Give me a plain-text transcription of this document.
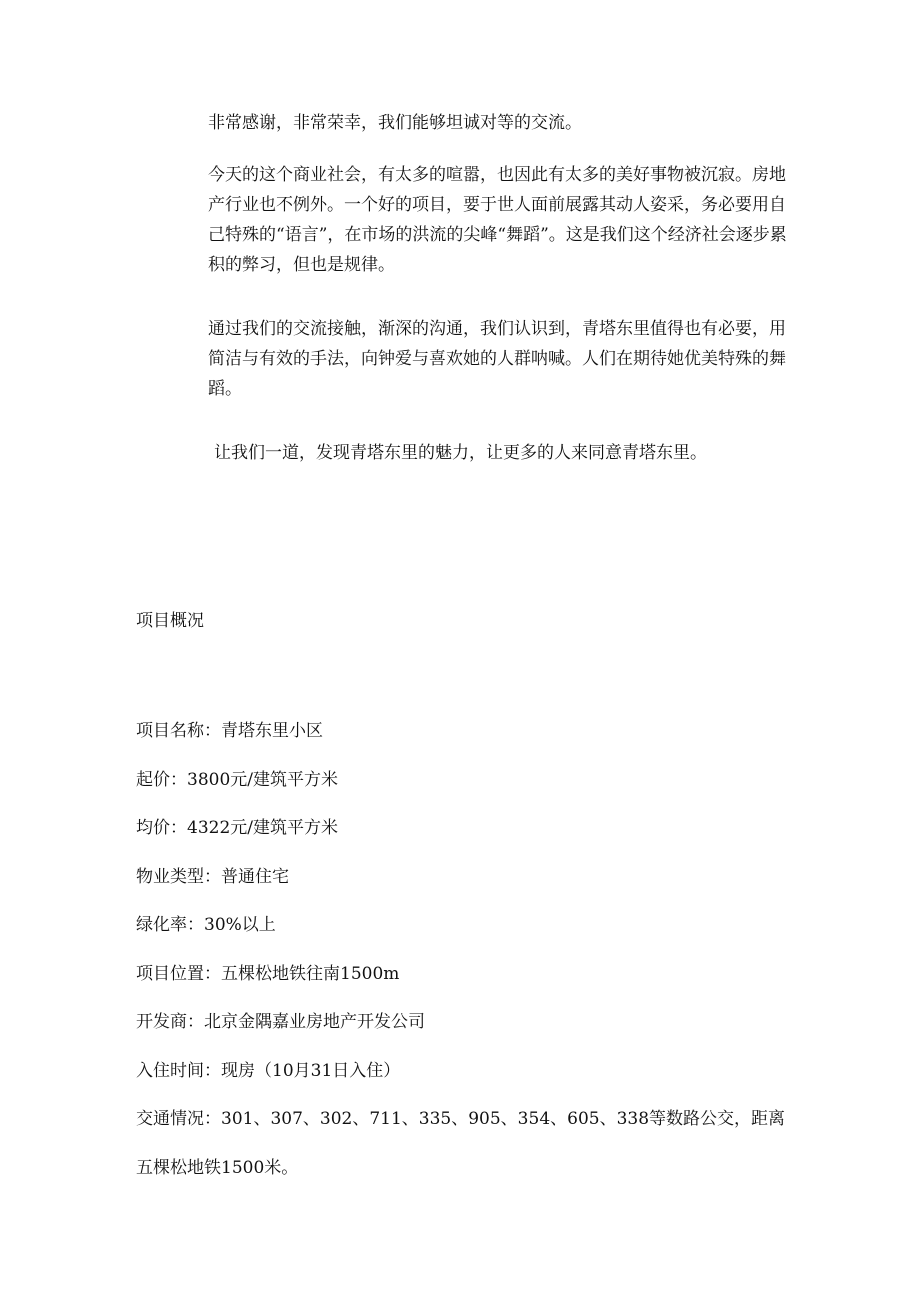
非常感谢，非常荣幸，我们能够坦诚对等的交流。

今天的这个商业社会，有太多的喧嚣，也因此有太多的美好事物被沉寂。房地产行业也不例外。一个好的项目，要于世人面前展露其动人姿采，务必要用自己特殊的“语言”，在市场的洪流的尖峰“舞蹈”。这是我们这个经济社会逐步累积的弊习，但也是规律。

通过我们的交流接触，渐深的沟通，我们认识到，青塔东里值得也有必要，用简洁与有效的手法，向钟爱与喜欢她的人群呐喊。人们在期待她优美特殊的舞蹈。

让我们一道，发现青塔东里的魅力，让更多的人来同意青塔东里。

项目概况
项目名称：青塔东里小区
起价：3800元/建筑平方米
均价：4322元/建筑平方米
物业类型：普通住宅
绿化率：30%以上
项目位置：五棵松地铁往南1500m
开发商：北京金隅嘉业房地产开发公司
入住时间：现房（10月31日入住）
交通情况：301、307、302、711、335、905、354、605、338等数路公交，距离
五棵松地铁1500米。
